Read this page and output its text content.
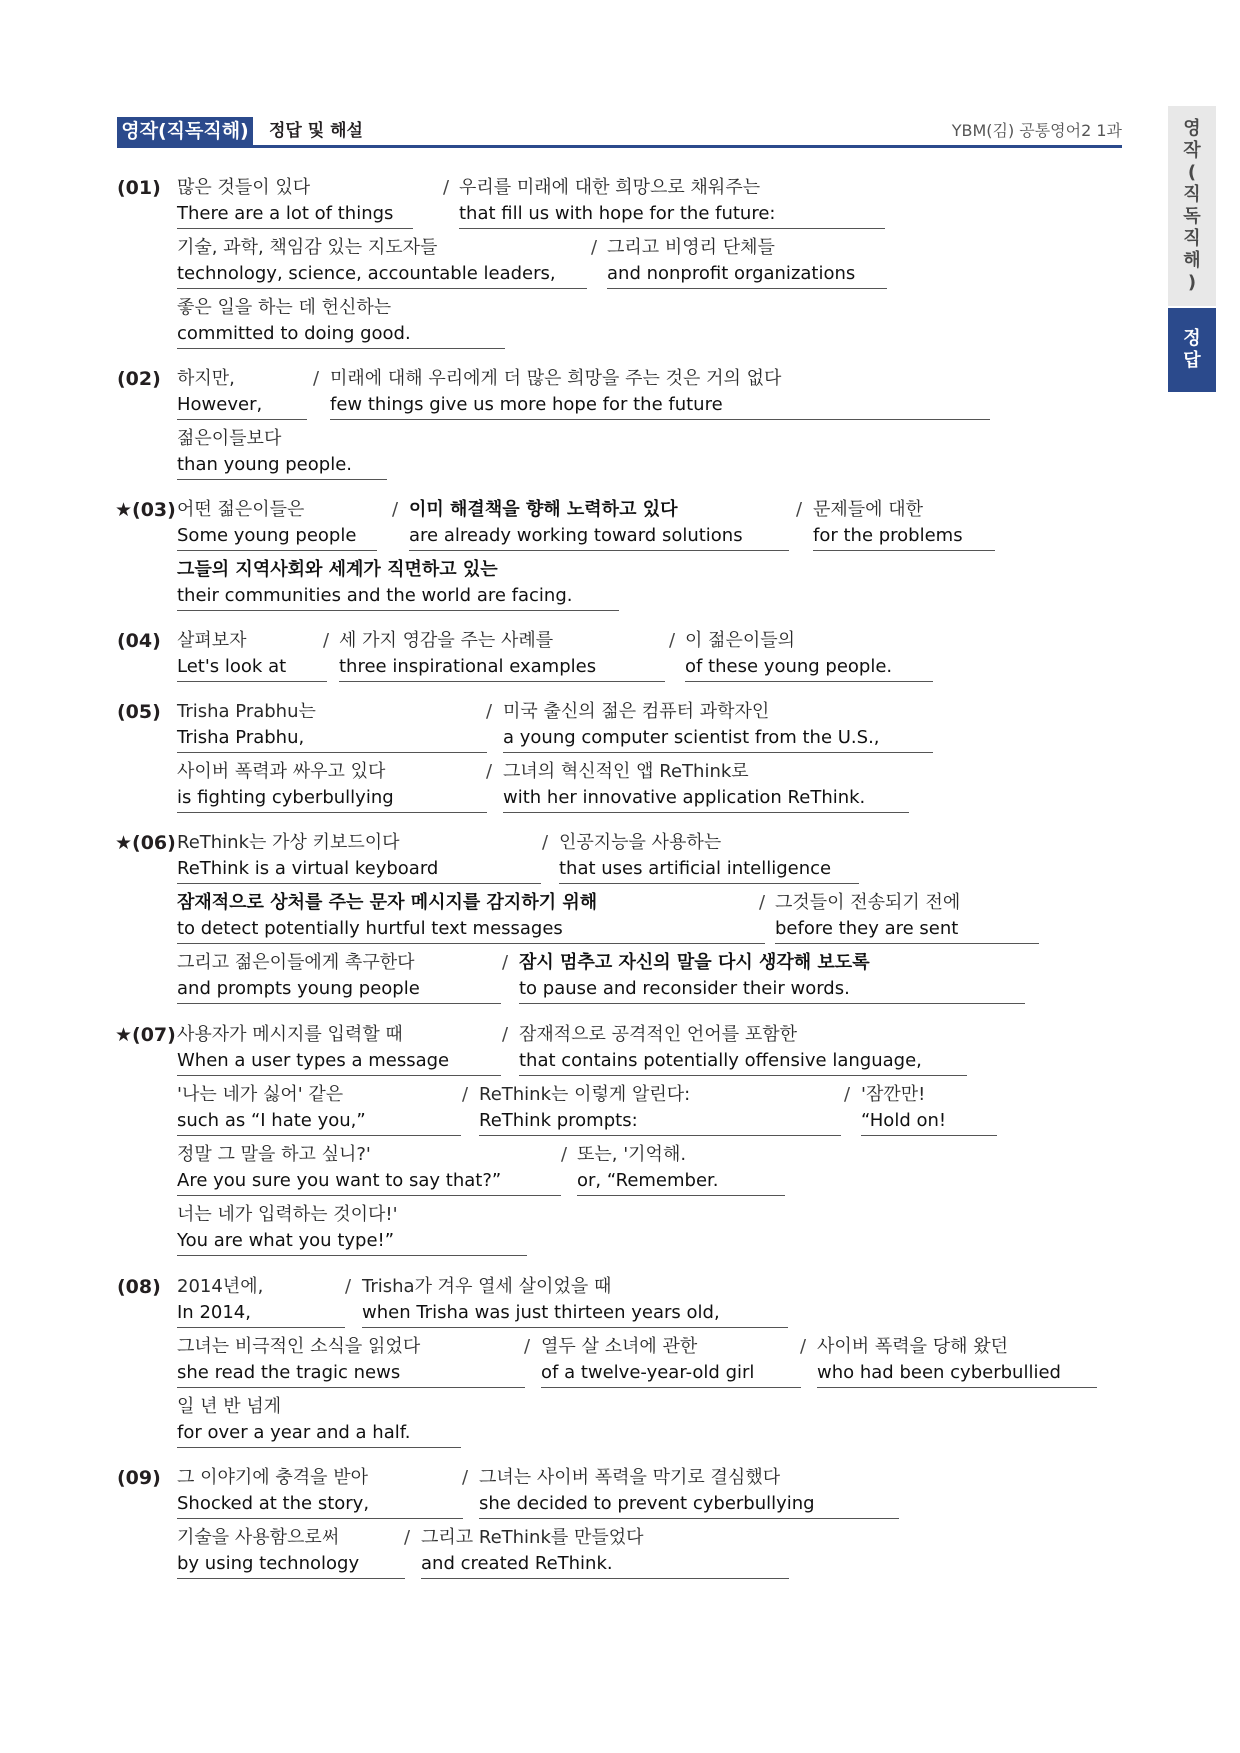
영작(직독직해) 정답 및 해설	YBM(김) 공통영어2 1과	영
작
(
직
독
직
해
)
정
답
(01) 많은 것들이 있다
There are a lot of things
/ 우리를 미래에 대한 희망으로 채워주는
that fill us with hope for the future:
기술, 과학, 책임감 있는 지도자들
technology, science, accountable leaders,
/ 그리고 비영리 단체들
and nonprofit organizations
좋은 일을 하는 데 헌신하는
committed to doing good.
(02) 하지만,
However,
/ 미래에 대해 우리에게 더 많은 희망을 주는 것은 거의 없다
few things give us more hope for the future
젊은이들보다
than young people.
★(03) 어떤 젊은이들은
Some young people
/ 이미 해결책을 향해 노력하고 있다
are already working toward solutions
/ 문제들에 대한
for the problems
그들의 지역사회와 세계가 직면하고 있는
their communities and the world are facing.
(04) 살펴보자
Let's look at
/ 세 가지 영감을 주는 사례를
three inspirational examples
/ 이 젊은이들의
of these young people.
(05) Trisha Prabhu는
Trisha Prabhu,
/ 미국 출신의 젊은 컴퓨터 과학자인
a young computer scientist from the U.S.,
사이버 폭력과 싸우고 있다
is fighting cyberbullying
/ 그녀의 혁신적인 앱 ReThink로
with her innovative application ReThink.
★(06) ReThink는 가상 키보드이다
ReThink is a virtual keyboard
/ 인공지능을 사용하는
that uses artificial intelligence
잠재적으로 상처를 주는 문자 메시지를 감지하기 위해
to detect potentially hurtful text messages
/ 그것들이 전송되기 전에
before they are sent
그리고 젊은이들에게 촉구한다
and prompts young people
/ 잠시 멈추고 자신의 말을 다시 생각해 보도록
to pause and reconsider their words.
★(07) 사용자가 메시지를 입력할 때
When a user types a message
/ 잠재적으로 공격적인 언어를 포함한
that contains potentially offensive language,
'나는 네가 싫어' 같은
such as “I hate you,”
/ ReThink는 이렇게 알린다:
ReThink prompts:
/ '잠깐만!
“Hold on!
정말 그 말을 하고 싶니?'
Are you sure you want to say that?”
/ 또는, '기억해.
or, “Remember.
너는 네가 입력하는 것이다!'
You are what you type!”
(08) 2014년에,
In 2014,
/ Trisha가 겨우 열세 살이었을 때
when Trisha was just thirteen years old,
그녀는 비극적인 소식을 읽었다
she read the tragic news
/ 열두 살 소녀에 관한
of a twelve-year-old girl
/ 사이버 폭력을 당해 왔던
who had been cyberbullied
일 년 반 넘게
for over a year and a half.
(09) 그 이야기에 충격을 받아
Shocked at the story,
/ 그녀는 사이버 폭력을 막기로 결심했다
she decided to prevent cyberbullying
기술을 사용함으로써
by using technology
/ 그리고 ReThink를 만들었다
and created ReThink.
